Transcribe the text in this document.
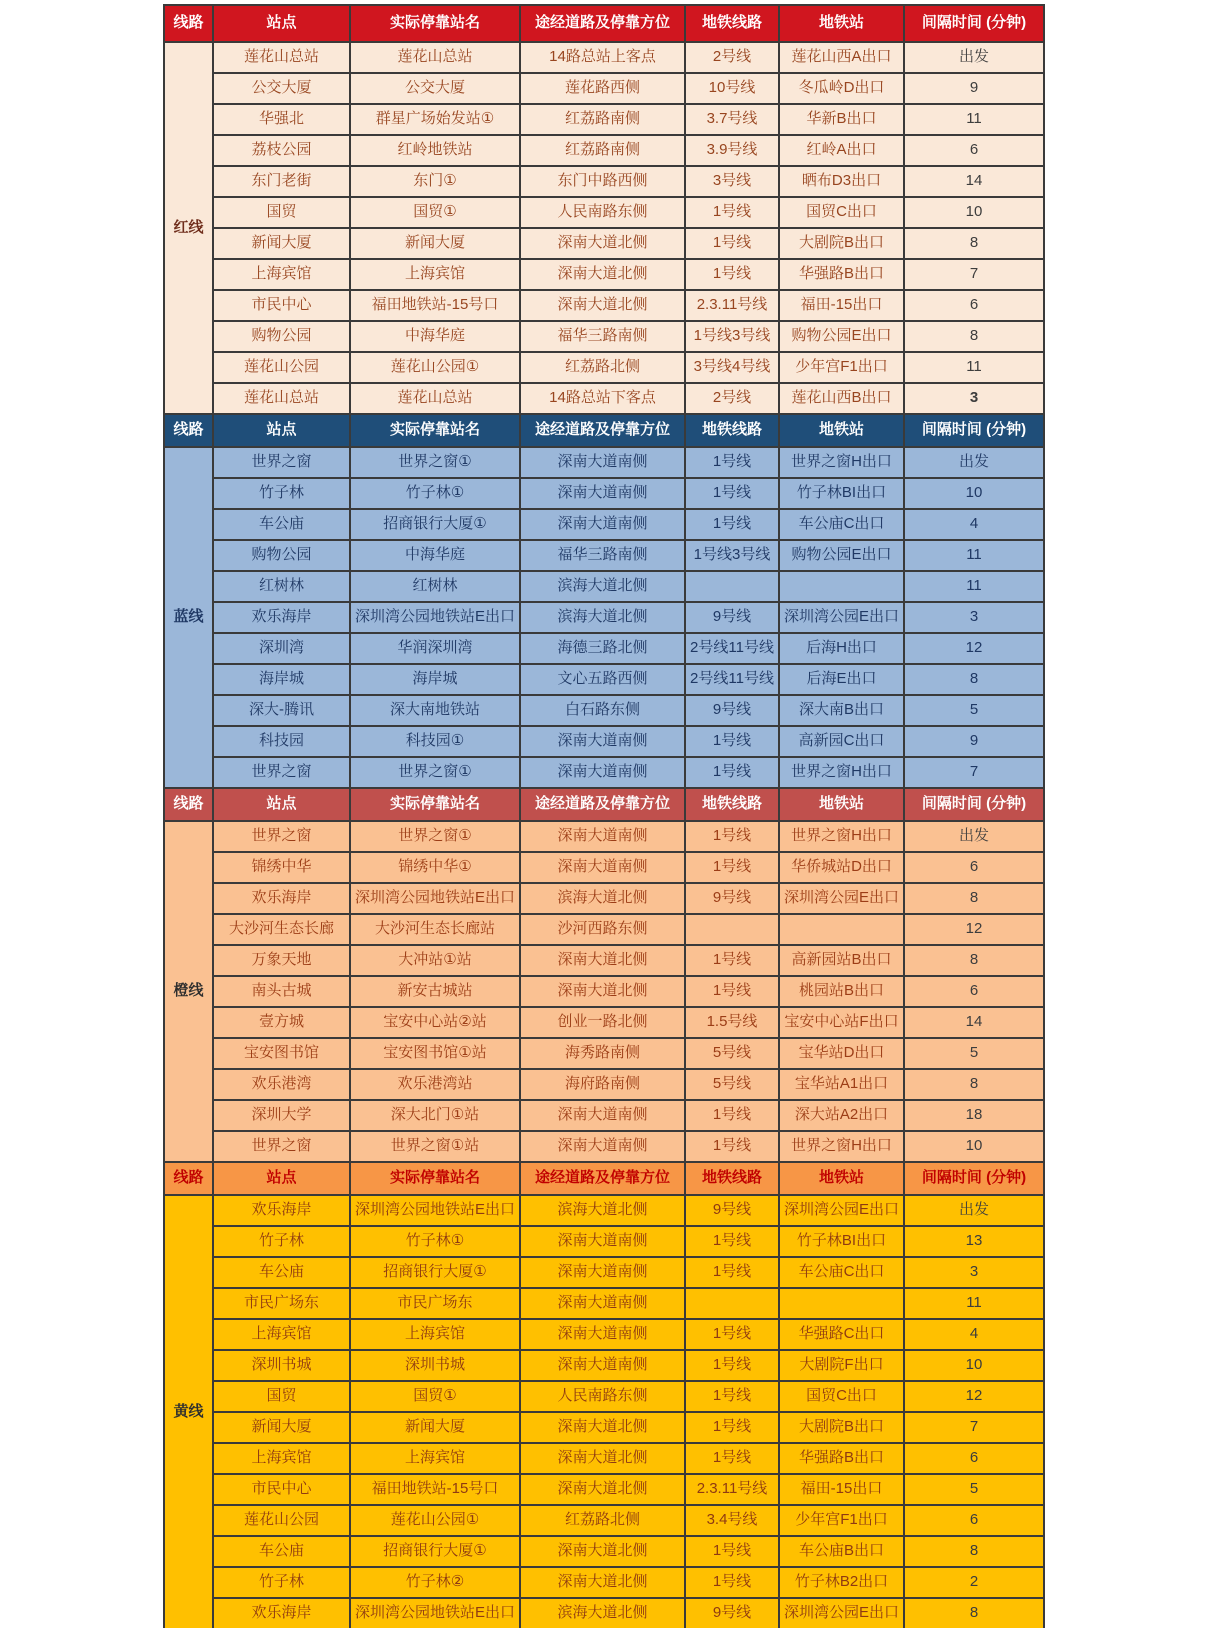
线路	站点	实际停靠站名	途经道路及停靠方位	地铁线路	地铁站	间隔时间 (分钟)
红线	莲花山总站	莲花山总站	14路总站上客点	2号线	莲花山西A出口	出发
	公交大厦	公交大厦	莲花路西侧	10号线	冬瓜岭D出口	9
	华强北	群星广场始发站①	红荔路南侧	3.7号线	华新B出口	11
	荔枝公园	红岭地铁站	红荔路南侧	3.9号线	红岭A出口	6
	东门老街	东门①	东门中路西侧	3号线	晒布D3出口	14
	国贸	国贸①	人民南路东侧	1号线	国贸C出口	10
	新闻大厦	新闻大厦	深南大道北侧	1号线	大剧院B出口	8
	上海宾馆	上海宾馆	深南大道北侧	1号线	华强路B出口	7
	市民中心	福田地铁站-15号口	深南大道北侧	2.3.11号线	福田-15出口	6
	购物公园	中海华庭	福华三路南侧	1号线3号线	购物公园E出口	8
	莲花山公园	莲花山公园①	红荔路北侧	3号线4号线	少年宫F1出口	11
	莲花山总站	莲花山总站	14路总站下客点	2号线	莲花山西B出口	3
线路	站点	实际停靠站名	途经道路及停靠方位	地铁线路	地铁站	间隔时间 (分钟)
蓝线	世界之窗	世界之窗①	深南大道南侧	1号线	世界之窗H出口	出发
	竹子林	竹子林①	深南大道南侧	1号线	竹子林BI出口	10
	车公庙	招商银行大厦①	深南大道南侧	1号线	车公庙C出口	4
	购物公园	中海华庭	福华三路南侧	1号线3号线	购物公园E出口	11
	红树林	红树林	滨海大道北侧			11
	欢乐海岸	深圳湾公园地铁站E出口	滨海大道北侧	9号线	深圳湾公园E出口	3
	深圳湾	华润深圳湾	海德三路北侧	2号线11号线	后海H出口	12
	海岸城	海岸城	文心五路西侧	2号线11号线	后海E出口	8
	深大-腾讯	深大南地铁站	白石路东侧	9号线	深大南B出口	5
	科技园	科技园①	深南大道南侧	1号线	高新园C出口	9
	世界之窗	世界之窗①	深南大道南侧	1号线	世界之窗H出口	7
线路	站点	实际停靠站名	途经道路及停靠方位	地铁线路	地铁站	间隔时间 (分钟)
橙线	世界之窗	世界之窗①	深南大道南侧	1号线	世界之窗H出口	出发
	锦绣中华	锦绣中华①	深南大道南侧	1号线	华侨城站D出口	6
	欢乐海岸	深圳湾公园地铁站E出口	滨海大道北侧	9号线	深圳湾公园E出口	8
	大沙河生态长廊	大沙河生态长廊站	沙河西路东侧			12
	万象天地	大冲站①站	深南大道北侧	1号线	高新园站B出口	8
	南头古城	新安古城站	深南大道北侧	1号线	桃园站B出口	6
	壹方城	宝安中心站②站	创业一路北侧	1.5号线	宝安中心站F出口	14
	宝安图书馆	宝安图书馆①站	海秀路南侧	5号线	宝华站D出口	5
	欢乐港湾	欢乐港湾站	海府路南侧	5号线	宝华站A1出口	8
	深圳大学	深大北门①站	深南大道南侧	1号线	深大站A2出口	18
	世界之窗	世界之窗①站	深南大道南侧	1号线	世界之窗H出口	10
线路	站点	实际停靠站名	途经道路及停靠方位	地铁线路	地铁站	间隔时间 (分钟)
黄线	欢乐海岸	深圳湾公园地铁站E出口	滨海大道北侧	9号线	深圳湾公园E出口	出发
	竹子林	竹子林①	深南大道南侧	1号线	竹子林BI出口	13
	车公庙	招商银行大厦①	深南大道南侧	1号线	车公庙C出口	3
	市民广场东	市民广场东	深南大道南侧			11
	上海宾馆	上海宾馆	深南大道南侧	1号线	华强路C出口	4
	深圳书城	深圳书城	深南大道南侧	1号线	大剧院F出口	10
	国贸	国贸①	人民南路东侧	1号线	国贸C出口	12
	新闻大厦	新闻大厦	深南大道北侧	1号线	大剧院B出口	7
	上海宾馆	上海宾馆	深南大道北侧	1号线	华强路B出口	6
	市民中心	福田地铁站-15号口	深南大道北侧	2.3.11号线	福田-15出口	5
	莲花山公园	莲花山公园①	红荔路北侧	3.4号线	少年宫F1出口	6
	车公庙	招商银行大厦①	深南大道北侧	1号线	车公庙B出口	8
	竹子林	竹子林②	深南大道北侧	1号线	竹子林B2出口	2
	欢乐海岸	深圳湾公园地铁站E出口	滨海大道北侧	9号线	深圳湾公园E出口	8
